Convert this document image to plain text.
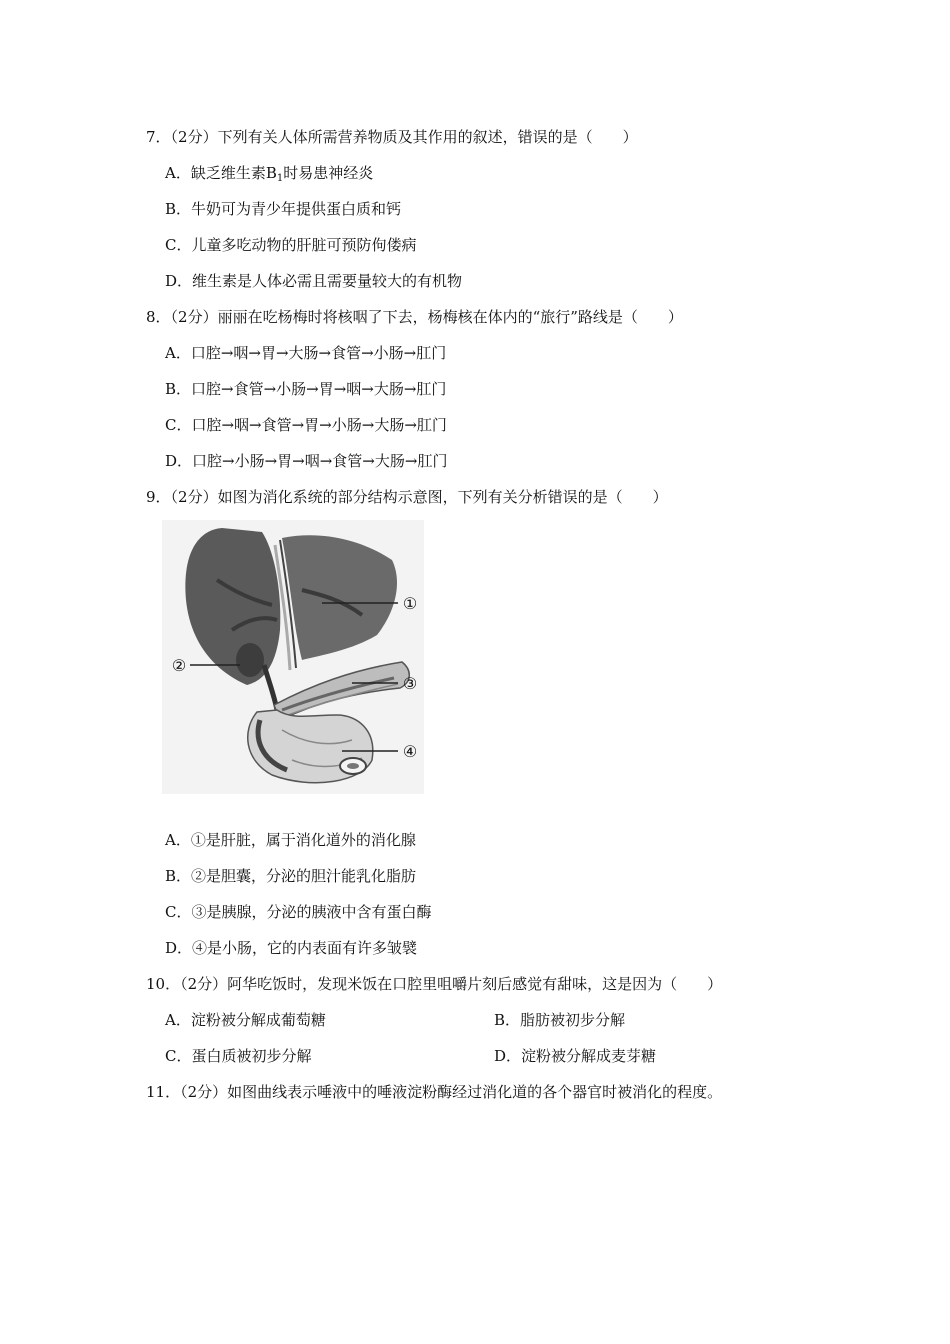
7．（2分）下列有关人体所需营养物质及其作用的叙述，错误的是（　　）
A．缺乏维生素$B_1$时易患神经炎
B．牛奶可为青少年提供蛋白质和钙
C．儿童多吃动物的肝脏可预防佝偻病
D．维生素是人体必需且需要量较大的有机物
8．（2分）丽丽在吃杨梅时将核咽了下去，杨梅核在体内的“旅行”路线是（　　）
A．口腔→咽→胃→大肠→食管→小肠→肛门
B．口腔→食管→小肠→胃→咽→大肠→肛门
C．口腔→咽→食管→胃→小肠→大肠→肛门
D．口腔→小肠→胃→咽→食管→大肠→肛门
9．（2分）如图为消化系统的部分结构示意图，下列有关分析错误的是（　　）
①
②
③
④
A．①是肝脏，属于消化道外的消化腺
B．②是胆囊，分泌的胆汁能乳化脂肪
C．③是胰腺，分泌的胰液中含有蛋白酶
D．④是小肠，它的内表面有许多皱襞
10．（2分）阿华吃饭时，发现米饭在口腔里咀嚼片刻后感觉有甜味，这是因为（　　）
A．淀粉被分解成葡萄糖	B．脂肪被初步分解
C．蛋白质被初步分解	D．淀粉被分解成麦芽糖
11．（2分）如图曲线表示唾液中的唾液淀粉酶经过消化道的各个器官时被消化的程度。
